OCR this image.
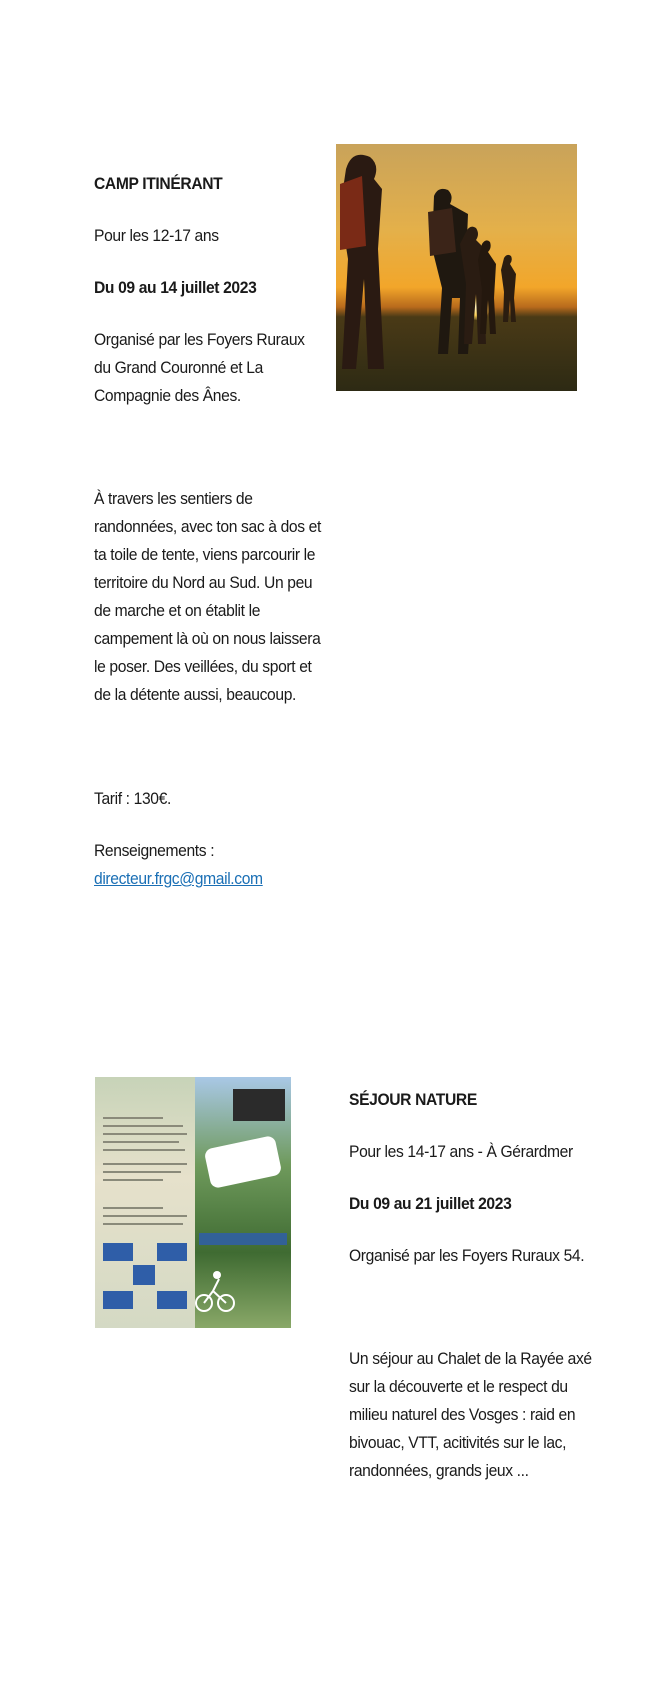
CAMP ITINÉRANT
Pour les 12-17 ans
Du 09 au 14 juillet 2023

Organisé par les Foyers Ruraux

du Grand Couronné et La

Compagnie des Ânes.

À travers les sentiers de

randonnées, avec ton sac à dos et

ta toile de tente, viens parcourir le

territoire du Nord au Sud. Un peu

de marche et on établit le

campement là où on nous laissera

le poser. Des veillées, du sport et

de la détente aussi, beaucoup.

Tarif : 130€.

Renseignements :

directeur.frgc@gmail.com

SÉJOUR NATURE
Pour les 14-17 ans - À Gérardmer
Du 09 au 21 juillet 2023
Organisé par les Foyers Ruraux 54.

Un séjour au Chalet de la Rayée axé

sur la découverte et le respect du

milieu naturel des Vosges : raid en

bivouac, VTT, acitivités sur le lac,

randonnées, grands jeux ...
